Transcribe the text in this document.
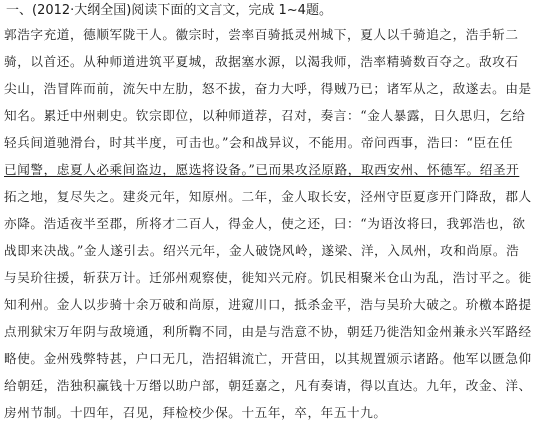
一、(2012·大纲全国)阅读下面的文言文，完成 1~4题。
郭浩字充道，德顺军陇干人。徽宗时，尝率百骑抵灵州城下，夏人以千骑追之，浩手斩二
骑，以首还。从种师道进筑平夏城，敌据塞水源，以渴我师，浩率精骑数百夺之。敌攻石
尖山，浩冒阵而前，流矢中左肋，怒不拔，奋力大呼，得贼乃已；诸军从之，敌遂去。由是
知名。累迁中州刺史。钦宗即位，以种师道荐，召对，奏言：“金人暴露，日久思归，乞给
轻兵间道驰滑台，时其半度，可击也。”会和战异议，不能用。帝问西事，浩曰：“臣在任
已闻警，虑夏人必乘间盗边，愿选将设备。”已而果攻泾原路，取西安州、怀德军。绍圣开
拓之地，复尽失之。建炎元年，知原州。二年，金人取长安，泾州守臣夏彦开门降敌，郡人
亦降。浩适夜半至郡，所将才二百人，得金人，使之还，曰：“为语汝将曰，我郭浩也，欲
战即来决战。”金人遂引去。绍兴元年，金人破饶风岭，遂梁、洋，入凤州，攻和尚原。浩
与吴玠往援，斩获万计。迁邠州观察使，徙知兴元府。饥民相聚米仓山为乱，浩讨平之。徙
知利州。金人以步骑十余万破和尚原，进窥川口，抵杀金平，浩与吴玠大破之。玠檄本路提
点刑狱宋万年阴与敌境通，利所鞫不同，由是与浩意不协，朝廷乃徙浩知金州兼永兴军路经
略使。金州残弊特甚，户口无几，浩招辑流亡，开营田，以其规置颁示诸路。他军以匮急仰
给朝廷，浩独积赢钱十万缗以助户部，朝廷嘉之，凡有奏请，得以直达。九年，改金、洋、
房州节制。十四年，召见，拜检校少保。十五年，卒，年五十九。
